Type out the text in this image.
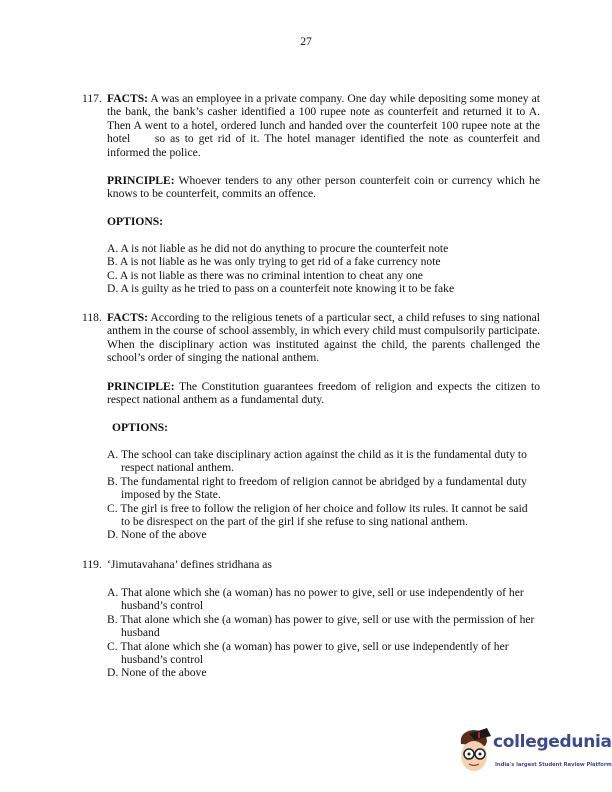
27
117. FACTS: A was an employee in a private company. One day while depositing some money at the bank, the bank’s casher identified a 100 rupee note as counterfeit and returned it to A. Then A went to a hotel, ordered lunch and handed over the counterfeit 100 rupee note at the hotel     so as to get rid of it. The hotel manager identified the note as counterfeit and informed the police.
PRINCIPLE: Whoever tenders to any other person counterfeit coin or currency which he knows to be counterfeit, commits an offence.
OPTIONS:
A. A is not liable as he did not do anything to procure the counterfeit note
B. A is not liable as he was only trying to get rid of a fake currency note
C. A is not liable as there was no criminal intention to cheat any one
D. A is guilty as he tried to pass on a counterfeit note knowing it to be fake
118. FACTS: According to the religious tenets of a particular sect, a child refuses to sing national anthem in the course of school assembly, in which every child must compulsorily participate. When the disciplinary action was instituted against the child, the parents challenged the school’s order of singing the national anthem.
PRINCIPLE: The Constitution guarantees freedom of religion and expects the citizen to respect national anthem as a fundamental duty.
OPTIONS:
A. The school can take disciplinary action against the child as it is the fundamental duty to respect national anthem.
B. The fundamental right to freedom of religion cannot be abridged by a fundamental duty imposed by the State.
C. The girl is free to follow the religion of her choice and follow its rules. It cannot be said to be disrespect on the part of the girl if she refuse to sing national anthem.
D. None of the above
119. ‘Jimutavahana’ defines stridhana as
A. That alone which she (a woman) has no power to give, sell or use independently of her husband’s control
B. That alone which she (a woman) has power to give, sell or use with the permission of her husband
C. That alone which she (a woman) has power to give, sell or use independently of her husband’s control
D. None of the above
collegedunia
India's largest Student Review Platform
